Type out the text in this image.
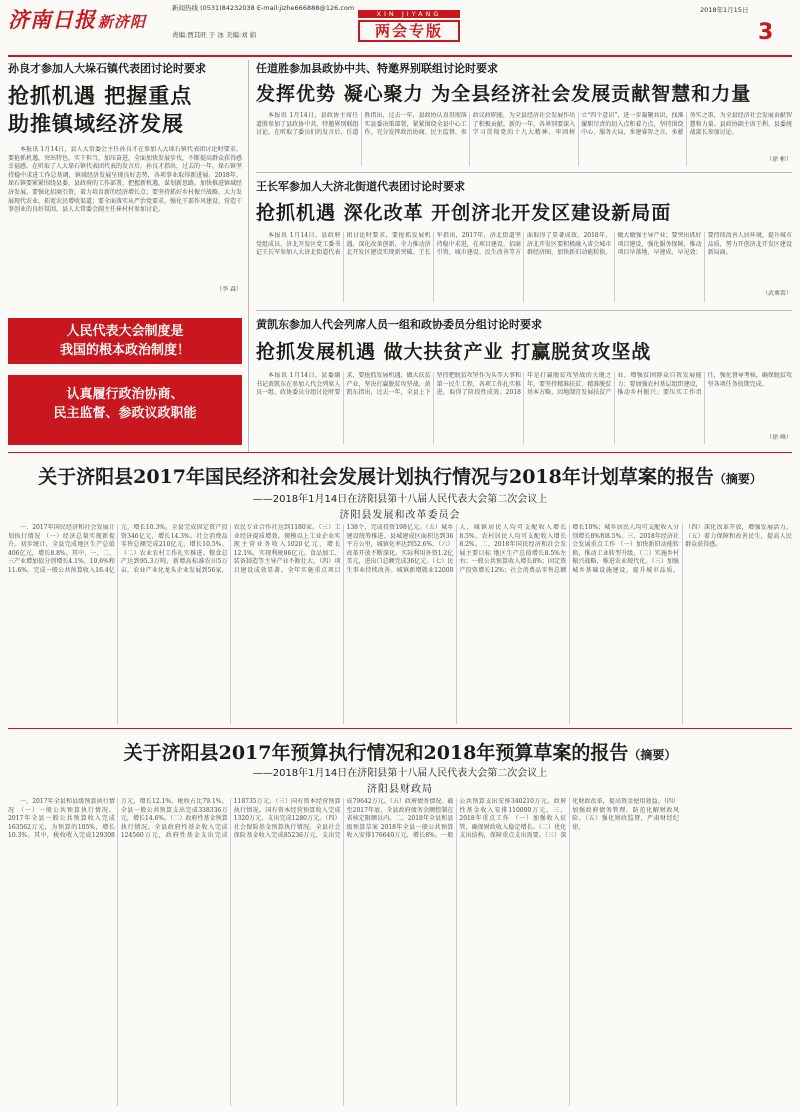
济南日报 新济阳
新闻热线 (0531)84232038 E-mail:jizhe666888@126.com
责编:贾其旺 于 冰 美编:刘 娟
XIN JIYANG
两会专版
2018年1月15日
3
孙良才参加人大垛石镇代表团讨论时要求
抢抓机遇 把握重点
助推镇域经济发展
本报讯 1月14日，县人大常委会主任孙良才在参加人大垛石镇代表团讨论时要求，要抢抓机遇，突出特色，实干担当，加压奋进，全面加快发展步伐，不断提高群众获得感幸福感。在听取了人大垛石镇代表团代表的发言后，孙良才指出，过去的一年，垛石镇坚持稳中求进工作总基调，镇域经济发展呈现良好态势，各项事业取得新进展。2018年，垛石镇要紧紧围绕县委、县政府的工作部署，把握新机遇，谋划新思路，加快推进镇域经济发展。要强化招商引资，着力培育新的经济增长点；要坚持抓好乡村振兴战略，大力发展现代农业，拓宽农民增收渠道；要全面落实从严治党要求，强化干部作风建设，营造干事创业的良好氛围。县人大常委会副主任崔村村参加讨论。
（李 森）
人民代表大会制度是
我国的根本政治制度！
认真履行政治协商、
民主监督、参政议政职能
任道胜参加县政协中共、特邀界别联组讨论时要求
发挥优势 凝心聚力 为全县经济社会发展贡献智慧和力量
本报讯 1月14日，县政协主席任道胜参加了县政协中共、特邀界别联组讨论。在听取了委员们的发言后，任道胜指出，过去一年，县政协认真贯彻落实县委决策部署，紧紧围绕全县中心工作，充分发挥政治协商、民主监督、参政议政职能，为全县经济社会发展作出了积极贡献。新的一年，各界别要深入学习贯彻党的十九大精神，牢固树立“四个意识”，进一步凝聚共识，找准履职尽责的切入点和着力点，坚持围绕中心、服务大局，多建睿智之言，多献务实之策，为全县经济社会发展贡献智慧和力量。县政协副主席王利、县委统战部长参加讨论。
（徐 彬）
王长军参加人大济北街道代表团讨论时要求
抢抓机遇 深化改革 开创济北开发区建设新局面
本报讯 1月14日，县政府党组成员、济北开发区党工委书记王长军参加人大济北街道代表团讨论时要求，要抢抓发展机遇，深化改革创新，全力推动济北开发区建设实现新突破。王长军指出，2017年，济北街道坚持稳中求进，在项目建设、招商引资、城市建设、民生改善等方面取得了显著成效。2018年，济北开发区要积极融入省会城市群经济圈，加快新旧动能转换，做大做强主导产业；要突出抓好项目建设，强化服务保障，推动项目早落地、早建成、早见效；要持续改善人居环境，提升城市品质，努力开创济北开发区建设新局面。
（武乘雷）
黄凯东参加人代会列席人员一组和政协委员分组讨论时要求
抢抓发展机遇 做大扶贫产业 打赢脱贫攻坚战
本报讯 1月14日，县委副书记黄凯东在参加人代会列席人员一组、政协委员分组讨论时要求，要抢抓发展机遇，做大扶贫产业，坚决打赢脱贫攻坚战。黄凯东指出，过去一年，全县上下坚持把脱贫攻坚作为头等大事和第一民生工程，各项工作扎实推进，取得了阶段性成效。2018年是打赢脱贫攻坚战的关键之年，要坚持精准扶贫、精准脱贫基本方略，因地制宜发展扶贫产业，增强贫困群众自我发展能力；要加强农村基层组织建设，推动乡村振兴；要压实工作责任，强化督导考核，确保脱贫攻坚各项任务按期完成。
（徐 峰）
关于济阳县2017年国民经济和社会发展计划执行情况与2018年计划草案的报告（摘要）
——2018年1月14日在济阳县第十八届人民代表大会第二次会议上
济阳县发展和改革委员会
一、2017年国民经济和社会发展计划执行情况 （一）经济总量实现新提升。初步统计，全县完成地区生产总值406亿元，增长8.8%。其中，一、二、三产业增加值分别增长4.1%、10.6%和11.6%。完成一般公共预算收入16.4亿元，增长10.3%。全县完成固定资产投资346亿元，增长14.3%。社会消费品零售总额完成210亿元，增长10.5%。（二）农业农村工作扎实推进。粮食总产达到95.3万吨，新增高标准农田5万亩，农业产业化龙头企业发展到56家，农民专业合作社达到1180家。（三）工业经济提质增效。规模以上工业企业实现主营业务收入1020亿元，增长12.1%，实现利税86亿元。食品加工、装备制造等主导产业不断壮大。（四）项目建设成效显著。全年实施重点项目138个，完成投资198亿元。（五）城乡建设统筹推进。县城建成区面积达到36平方公里，城镇化率达到52.6%。（六）改革开放不断深化。实际利用外资1.2亿美元，进出口总额完成36亿元。（七）民生事业持续改善。城镇新增就业12000人，城镇居民人均可支配收入增长8.5%，农村居民人均可支配收入增长8.2%。二、2018年国民经济和社会发展主要目标 地区生产总值增长8.5%左右；一般公共预算收入增长8%；固定资产投资增长12%；社会消费品零售总额增长10%；城乡居民人均可支配收入分别增长8%和8.5%。三、2018年经济社会发展重点工作 （一）加快新旧动能转换，推动工业转型升级。（二）实施乡村振兴战略，推进农业现代化。（三）加强城乡基础设施建设，提升城市品质。（四）深化改革开放，增强发展活力。（五）着力保障和改善民生，提高人民群众获得感。
关于济阳县2017年预算执行情况和2018年预算草案的报告（摘要）
——2018年1月14日在济阳县第十八届人民代表大会第二次会议上
济阳县财政局
一、2017年全县和县级预算执行情况 （一）一般公共预算执行情况。2017年全县一般公共预算收入完成163562万元，为预算的105%，增长10.3%。其中，税收收入完成129308万元，增长12.1%，税收占比79.1%。全县一般公共预算支出完成338336万元，增长14.6%。（二）政府性基金预算执行情况。全县政府性基金收入完成124560万元，政府性基金支出完成118735万元。（三）国有资本经营预算执行情况。国有资本经营预算收入完成1320万元，支出完成1280万元。（四）社会保险基金预算执行情况。全县社会保险基金收入完成85236万元，支出完成79642万元。（五）政府债务情况。截至2017年底，全县政府债务余额控制在省核定限额以内。二、2018年全县和县级预算草案 2018年全县一般公共预算收入安排176640万元，增长8%。一般公共预算支出安排340210万元。政府性基金收入安排110000万元。三、2018年重点工作 （一）加强收入征管，确保财政收入稳定增长。（二）优化支出结构，保障重点支出需要。（三）深化财政改革，提高资金使用效益。（四）加强政府债务管理，防范化解财政风险。（五）强化财政监督，严肃财经纪律。
